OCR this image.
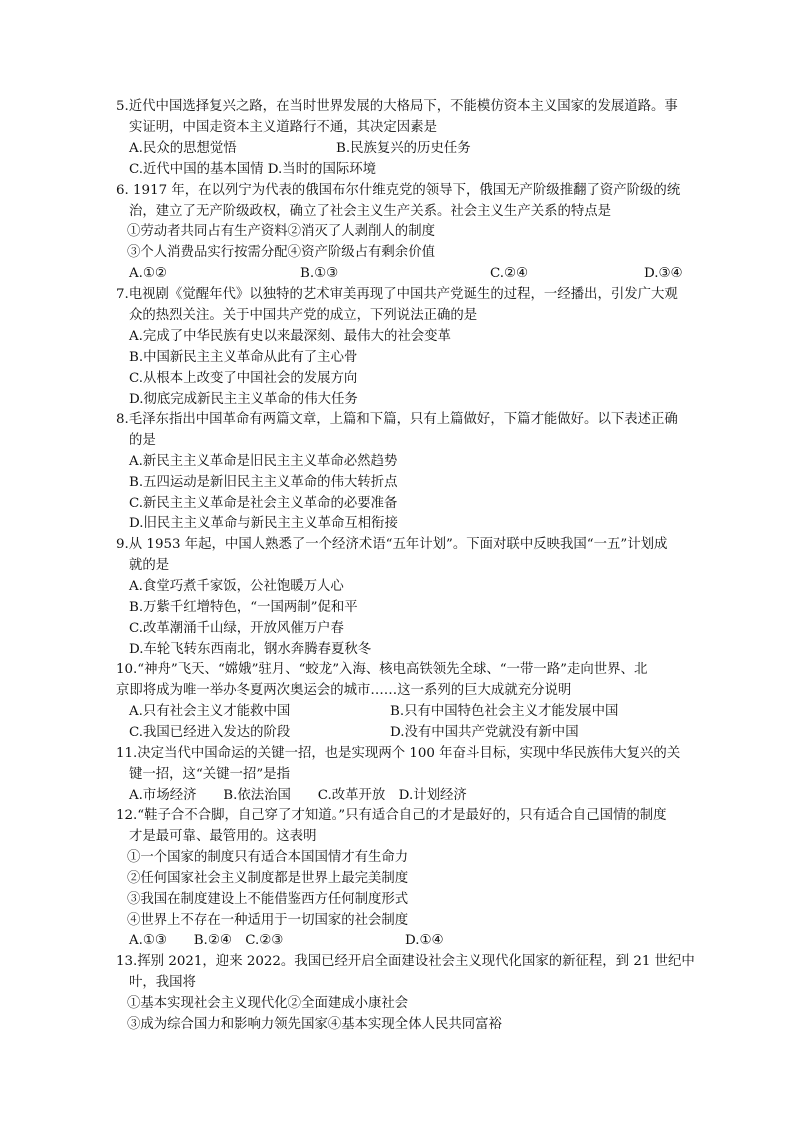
5.近代中国选择复兴之路，在当时世界发展的大格局下，不能模仿资本主义国家的发展道路。事
实证明，中国走资本主义道路行不通，其决定因素是
A.民众的思想觉悟	B.民族复兴的历史任务
C.近代中国的基本国情 D.当时的国际环境
6. 1917 年，在以列宁为代表的俄国布尔什维克党的领导下，俄国无产阶级推翻了资产阶级的统
治，建立了无产阶级政权，确立了社会主义生产关系。社会主义生产关系的特点是
①劳动者共同占有生产资料②消灭了人剥削人的制度
③个人消费品实行按需分配④资产阶级占有剩余价值
A.①②	B.①③	C.②④	D.③④
7.电视剧《觉醒年代》以独特的艺术审美再现了中国共产党诞生的过程，一经播出，引发广大观
众的热烈关注。关于中国共产党的成立，下列说法正确的是
A.完成了中华民族有史以来最深刻、最伟大的社会变革
B.中国新民主主义革命从此有了主心骨
C.从根本上改变了中国社会的发展方向
D.彻底完成新民主主义革命的伟大任务
8.毛泽东指出中国革命有两篇文章，上篇和下篇，只有上篇做好，下篇才能做好。以下表述正确
的是
A.新民主主义革命是旧民主主义革命必然趋势
B.五四运动是新旧民主主义革命的伟大转折点
C.新民主主义革命是社会主义革命的必要准备
D.旧民主主义革命与新民主主义革命互相衔接
9.从 1953 年起，中国人熟悉了一个经济术语“五年计划”。下面对联中反映我国“一五”计划成
就的是
A.食堂巧煮千家饭，公社饱暖万人心
B.万紫千红增特色，“一国两制”促和平
C.改革潮涌千山绿，开放风催万户春
D.车轮飞转东西南北，钢水奔腾春夏秋冬
10.“神舟”飞天、“嫦娥”驻月、“蛟龙”入海、核电高铁领先全球、“一带一路”走向世界、北
京即将成为唯一举办冬夏两次奥运会的城市……这一系列的巨大成就充分说明
A.只有社会主义才能救中国	B.只有中国特色社会主义才能发展中国
C.我国已经进入发达的阶段	D.没有中国共产党就没有新中国
11.决定当代中国命运的关键一招，也是实现两个 100 年奋斗目标，实现中华民族伟大复兴的关
键一招，这“关键一招”是指
A.市场经济　　B.依法治国　　C.改革开放　D.计划经济
12.“鞋子合不合脚，自己穿了才知道。”只有适合自己的才是最好的，只有适合自己国情的制度
才是最可靠、最管用的。这表明
①一个国家的制度只有适合本国国情才有生命力
②任何国家社会主义制度都是世界上最完美制度
③我国在制度建设上不能借鉴西方任何制度形式
④世界上不存在一种适用于一切国家的社会制度
A.①③　　B.②④　C.②③	D.①④
13.挥别 2021，迎来 2022。我国已经开启全面建设社会主义现代化国家的新征程，到 21 世纪中
叶，我国将
①基本实现社会主义现代化②全面建成小康社会
③成为综合国力和影响力领先国家④基本实现全体人民共同富裕
